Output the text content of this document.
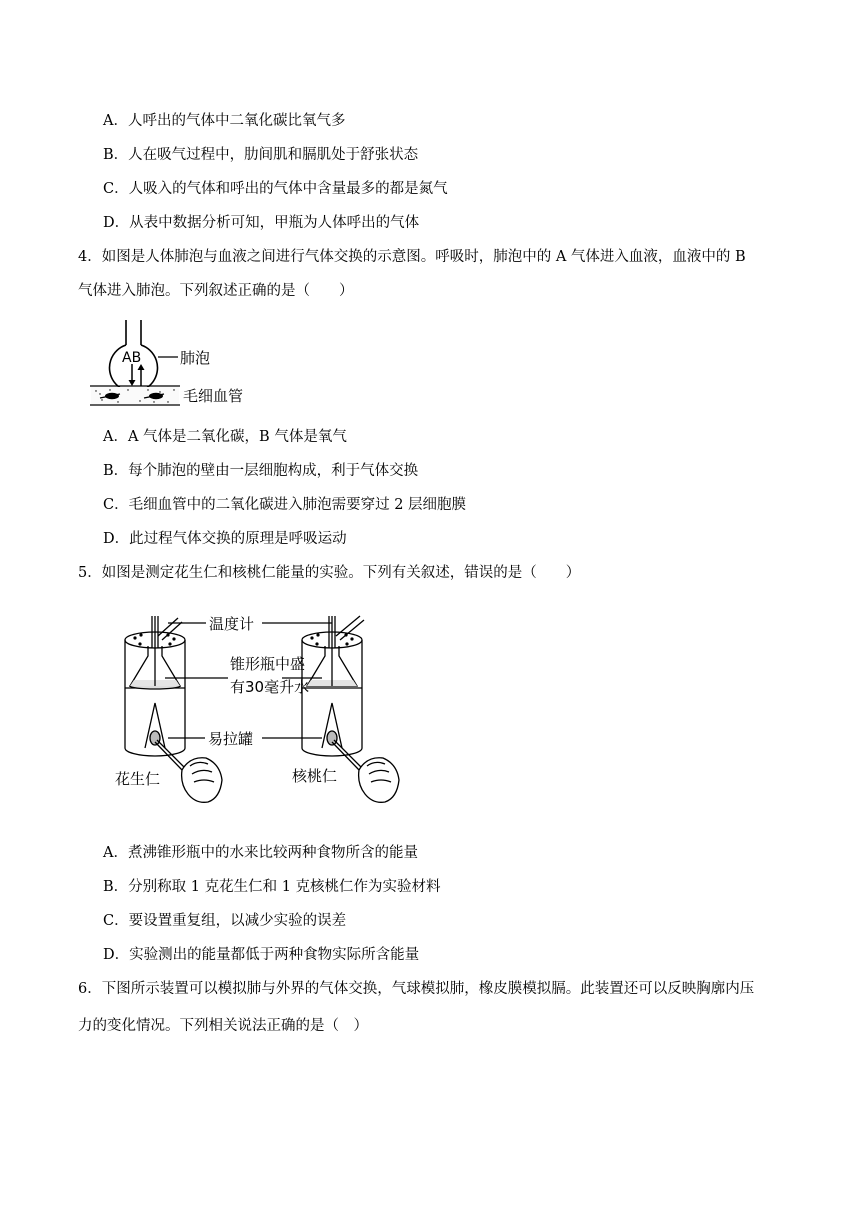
A．人呼出的气体中二氧化碳比氧气多
B．人在吸气过程中，肋间肌和膈肌处于舒张状态
C．人吸入的气体和呼出的气体中含量最多的都是氮气
D．从表中数据分析可知，甲瓶为人体呼出的气体
4．如图是人体肺泡与血液之间进行气体交换的示意图。呼吸时，肺泡中的 A 气体进入血液，血液中的 B
气体进入肺泡。下列叙述正确的是（　　）
AB	肺泡
毛细血管
A．A 气体是二氧化碳，B 气体是氧气
B．每个肺泡的壁由一层细胞构成，利于气体交换
C．毛细血管中的二氧化碳进入肺泡需要穿过 2 层细胞膜
D．此过程气体交换的原理是呼吸运动
5．如图是测定花生仁和核桃仁能量的实验。下列有关叙述，错误的是（　　）
温度计
锥形瓶中盛
有30毫升水
易拉罐
花生仁	核桃仁
A．煮沸锥形瓶中的水来比较两种食物所含的能量
B．分别称取 1 克花生仁和 1 克核桃仁作为实验材料
C．要设置重复组，以减少实验的误差
D．实验测出的能量都低于两种食物实际所含能量
6．下图所示装置可以模拟肺与外界的气体交换，气球模拟肺，橡皮膜模拟膈。此装置还可以反映胸廓内压
力的变化情况。下列相关说法正确的是（　）
